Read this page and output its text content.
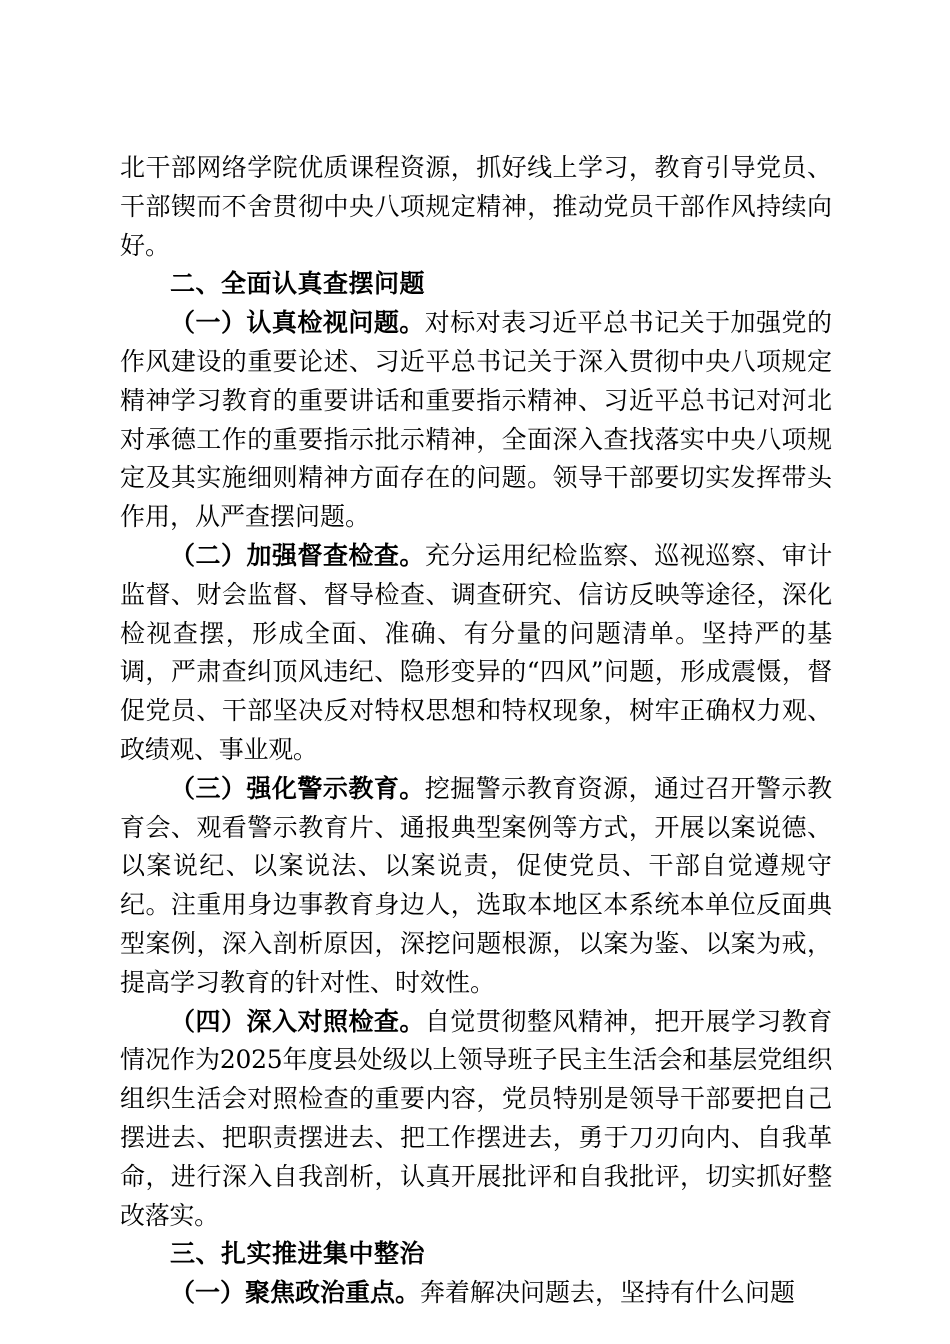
北干部网络学院优质课程资源，抓好线上学习，教育引导党员、干部锲而不舍贯彻中央八项规定精神，推动党员干部作风持续向好。

二、全面认真查摆问题

（一）认真检视问题。对标对表习近平总书记关于加强党的作风建设的重要论述、习近平总书记关于深入贯彻中央八项规定精神学习教育的重要讲话和重要指示精神、习近平总书记对河北对承德工作的重要指示批示精神，全面深入查找落实中央八项规定及其实施细则精神方面存在的问题。领导干部要切实发挥带头作用，从严查摆问题。

（二）加强督查检查。充分运用纪检监察、巡视巡察、审计监督、财会监督、督导检查、调查研究、信访反映等途径，深化检视查摆，形成全面、准确、有分量的问题清单。坚持严的基调，严肃查纠顶风违纪、隐形变异的“四风”问题，形成震慑，督促党员、干部坚决反对特权思想和特权现象，树牢正确权力观、政绩观、事业观。

（三）强化警示教育。挖掘警示教育资源，通过召开警示教育会、观看警示教育片、通报典型案例等方式，开展以案说德、以案说纪、以案说法、以案说责，促使党员、干部自觉遵规守纪。注重用身边事教育身边人，选取本地区本系统本单位反面典型案例，深入剖析原因，深挖问题根源，以案为鉴、以案为戒，提高学习教育的针对性、时效性。

（四）深入对照检查。自觉贯彻整风精神，把开展学习教育情况作为2025年度县处级以上领导班子民主生活会和基层党组织组织生活会对照检查的重要内容，党员特别是领导干部要把自己摆进去、把职责摆进去、把工作摆进去，勇于刀刃向内、自我革命，进行深入自我剖析，认真开展批评和自我批评，切实抓好整改落实。

三、扎实推进集中整治

（一）聚焦政治重点。奔着解决问题去，坚持有什么问题
